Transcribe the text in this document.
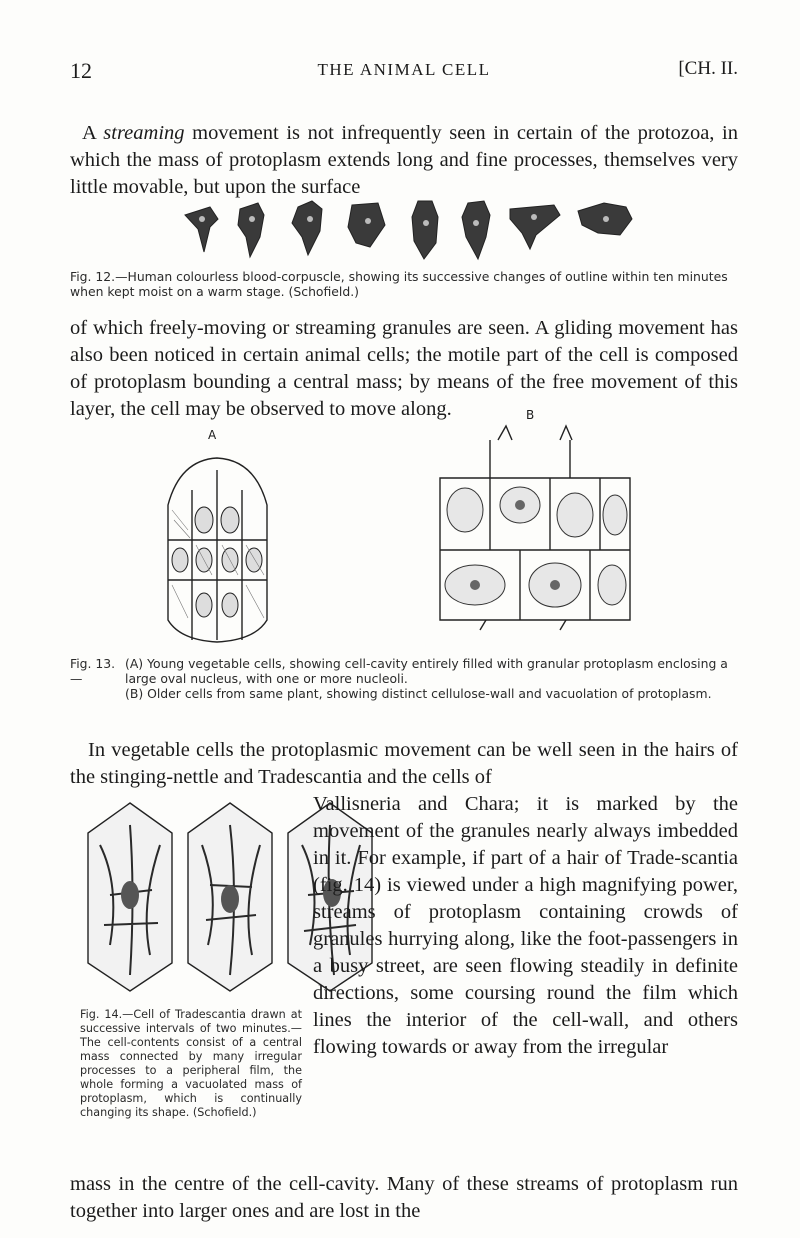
12	THE ANIMAL CELL	[CH. II.

A streaming movement is not infrequently seen in certain of the protozoa, in which the mass of protoplasm extends long and fine processes, themselves very little movable, but upon the surface

Fig. 12.—Human colourless blood-corpuscle, showing its successive changes of outline within ten minutes when kept moist on a warm stage. (Schofield.)

of which freely-moving or streaming granules are seen. A gliding movement has also been noticed in certain animal cells; the motile part of the cell is composed of protoplasm bounding a central mass; by means of the free movement of this layer, the cell may be observed to move along.

A
B
Fig. 13.—
(A) Young vegetable cells, showing cell-cavity entirely filled with granular protoplasm enclosing a large oval nucleus, with one or more nucleoli.
(B) Older cells from same plant, showing distinct cellulose-wall and vacuolation of protoplasm.

In vegetable cells the protoplasmic movement can be well seen in the hairs of the stinging-nettle and Tradescantia and the cells of

Fig. 14.—Cell of Tradescantia drawn at successive intervals of two minutes.—The cell-contents consist of a central mass connected by many irregular processes to a peripheral film, the whole forming a vacuolated mass of protoplasm, which is continually changing its shape. (Schofield.)

Vallisneria and Chara; it is marked by the movement of the granules nearly always imbedded in it. For example, if part of a hair of Trade-scantia (fig. 14) is viewed under a high magnifying power, streams of protoplasm containing crowds of granules hurrying along, like the foot-passengers in a busy street, are seen flowing steadily in definite directions, some coursing round the film which lines the interior of the cell-wall, and others flowing towards or away from the irregular

mass in the centre of the cell-cavity. Many of these streams of protoplasm run together into larger ones and are lost in the
